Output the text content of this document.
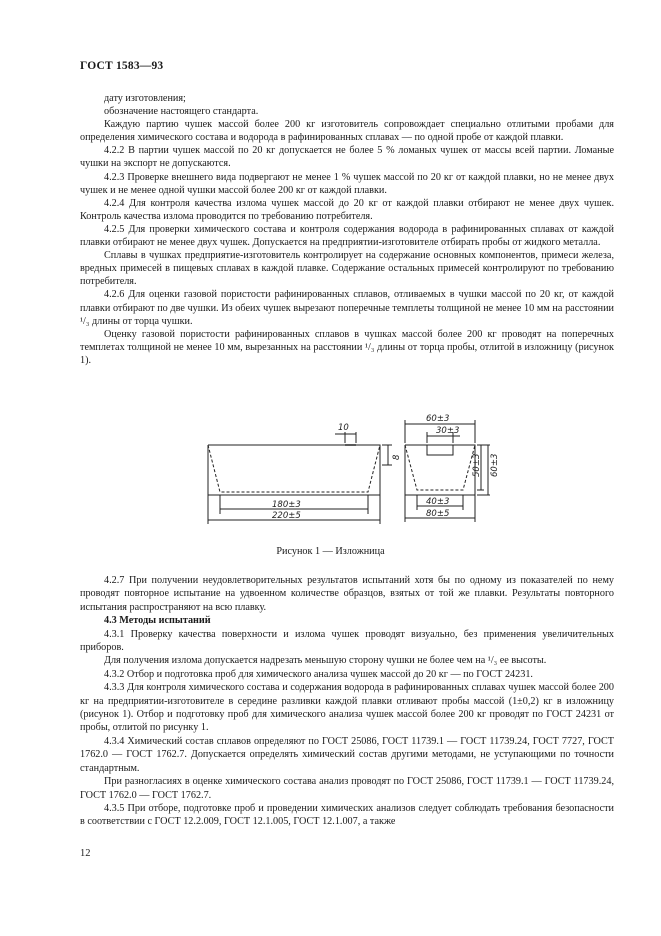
ГОСТ 1583—93

дату изготовления;

обозначение настоящего стандарта.

Каждую партию чушек массой более 200 кг изготовитель сопровождает специально отлитыми пробами для определения химического состава и водорода в рафинированных сплавах — по одной пробе от каждой плавки.

4.2.2 В партии чушек массой по 20 кг допускается не более 5 % ломаных чушек от массы всей партии. Ломаные чушки на экспорт не допускаются.

4.2.3 Проверке внешнего вида подвергают не менее 1 % чушек массой по 20 кг от каждой плавки, но не менее двух чушек и не менее одной чушки массой более 200 кг от каждой плавки.

4.2.4 Для контроля качества излома чушек массой до 20 кг от каждой плавки отбирают не менее двух чушек. Контроль качества излома проводится по требованию потребителя.

4.2.5 Для проверки химического состава и контроля содержания водорода в рафинированных сплавах от каждой плавки отбирают не менее двух чушек. Допускается на предприятии-изготовителе отбирать пробы от жидкого металла.

Сплавы в чушках предприятие-изготовитель контролирует на содержание основных компонентов, примеси железа, вредных примесей в пищевых сплавах в каждой плавке. Содержание остальных примесей контролируют по требованию потребителя.

4.2.6 Для оценки газовой пористости рафинированных сплавов, отливаемых в чушки массой по 20 кг, от каждой плавки отбирают по две чушки. Из обеих чушек вырезают поперечные темплеты толщиной не менее 10 мм на расстоянии ¹/₃ длины от торца чушки.

Оценку газовой пористости рафинированных сплавов в чушках массой более 200 кг проводят на поперечных темплетах толщиной не менее 10 мм, вырезанных на расстоянии ¹/₃ длины от торца пробы, отлитой в изложницу (рисунок 1).

10
8
180±3
220±5
60±3
30±3
50±3 60±3
40±3
80±5
Рисунок 1 — Изложница

4.2.7 При получении неудовлетворительных результатов испытаний хотя бы по одному из показателей по нему проводят повторное испытание на удвоенном количестве образцов, взятых от той же плавки. Результаты повторного испытания распространяют на всю плавку.

4.3 Методы испытаний

4.3.1 Проверку качества поверхности и излома чушек проводят визуально, без применения увеличительных приборов.

Для получения излома допускается надрезать меньшую сторону чушки не более чем на ¹/₃ ее высоты.

4.3.2 Отбор и подготовка проб для химического анализа чушек массой до 20 кг — по ГОСТ 24231.

4.3.3 Для контроля химического состава и содержания водорода в рафинированных сплавах чушек массой более 200 кг на предприятии-изготовителе в середине разливки каждой плавки отливают пробы массой (1±0,2) кг в изложницу (рисунок 1). Отбор и подготовку проб для химического анализа чушек массой более 200 кг проводят по ГОСТ 24231 от пробы, отлитой по рисунку 1.

4.3.4 Химический состав сплавов определяют по ГОСТ 25086, ГОСТ 11739.1 — ГОСТ 11739.24, ГОСТ 7727, ГОСТ 1762.0 — ГОСТ 1762.7. Допускается определять химический состав другими методами, не уступающими по точности стандартным.

При разногласиях в оценке химического состава анализ проводят по ГОСТ 25086, ГОСТ 11739.1 — ГОСТ 11739.24, ГОСТ 1762.0 — ГОСТ 1762.7.

4.3.5 При отборе, подготовке проб и проведении химических анализов следует соблюдать требования безопасности в соответствии с ГОСТ 12.2.009, ГОСТ 12.1.005, ГОСТ 12.1.007, а также

12
